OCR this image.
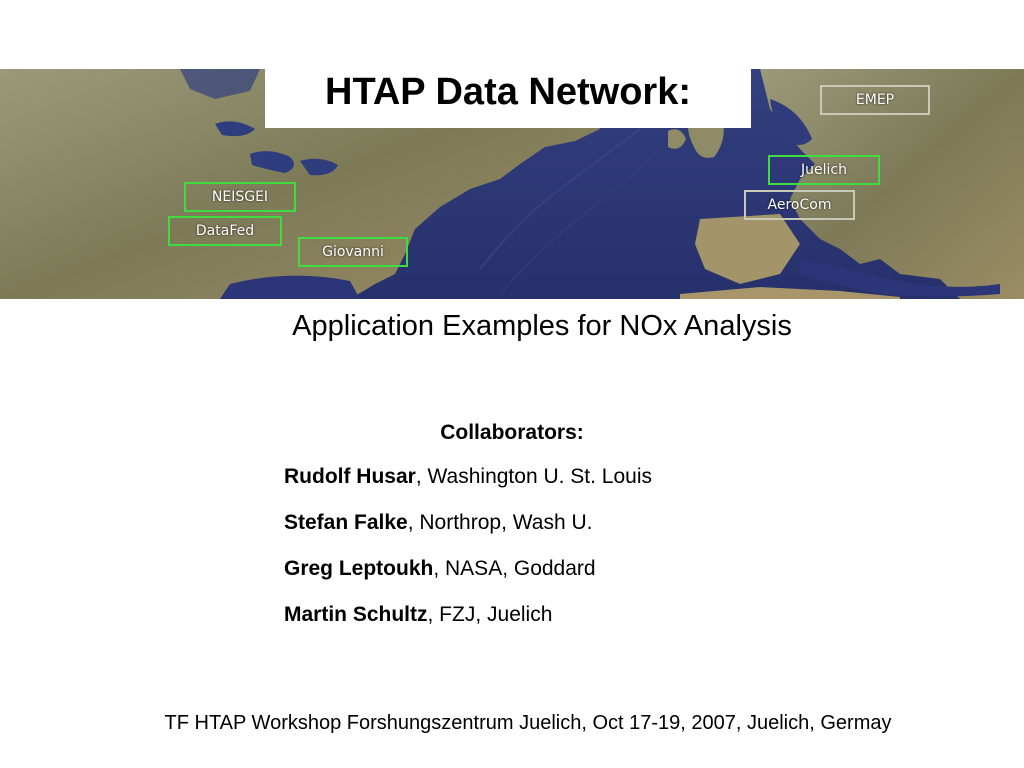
NEISGEI
DataFed
Giovanni
EMEP
Juelich
AeroCom
HTAP Data Network:
Application Examples for NOx Analysis
Collaborators:
Rudolf Husar, Washington U. St. Louis
Stefan Falke, Northrop, Wash U.
Greg Leptoukh, NASA, Goddard
Martin Schultz, FZJ, Juelich
TF HTAP Workshop Forshungszentrum Juelich, Oct 17-19, 2007, Juelich, Germay
